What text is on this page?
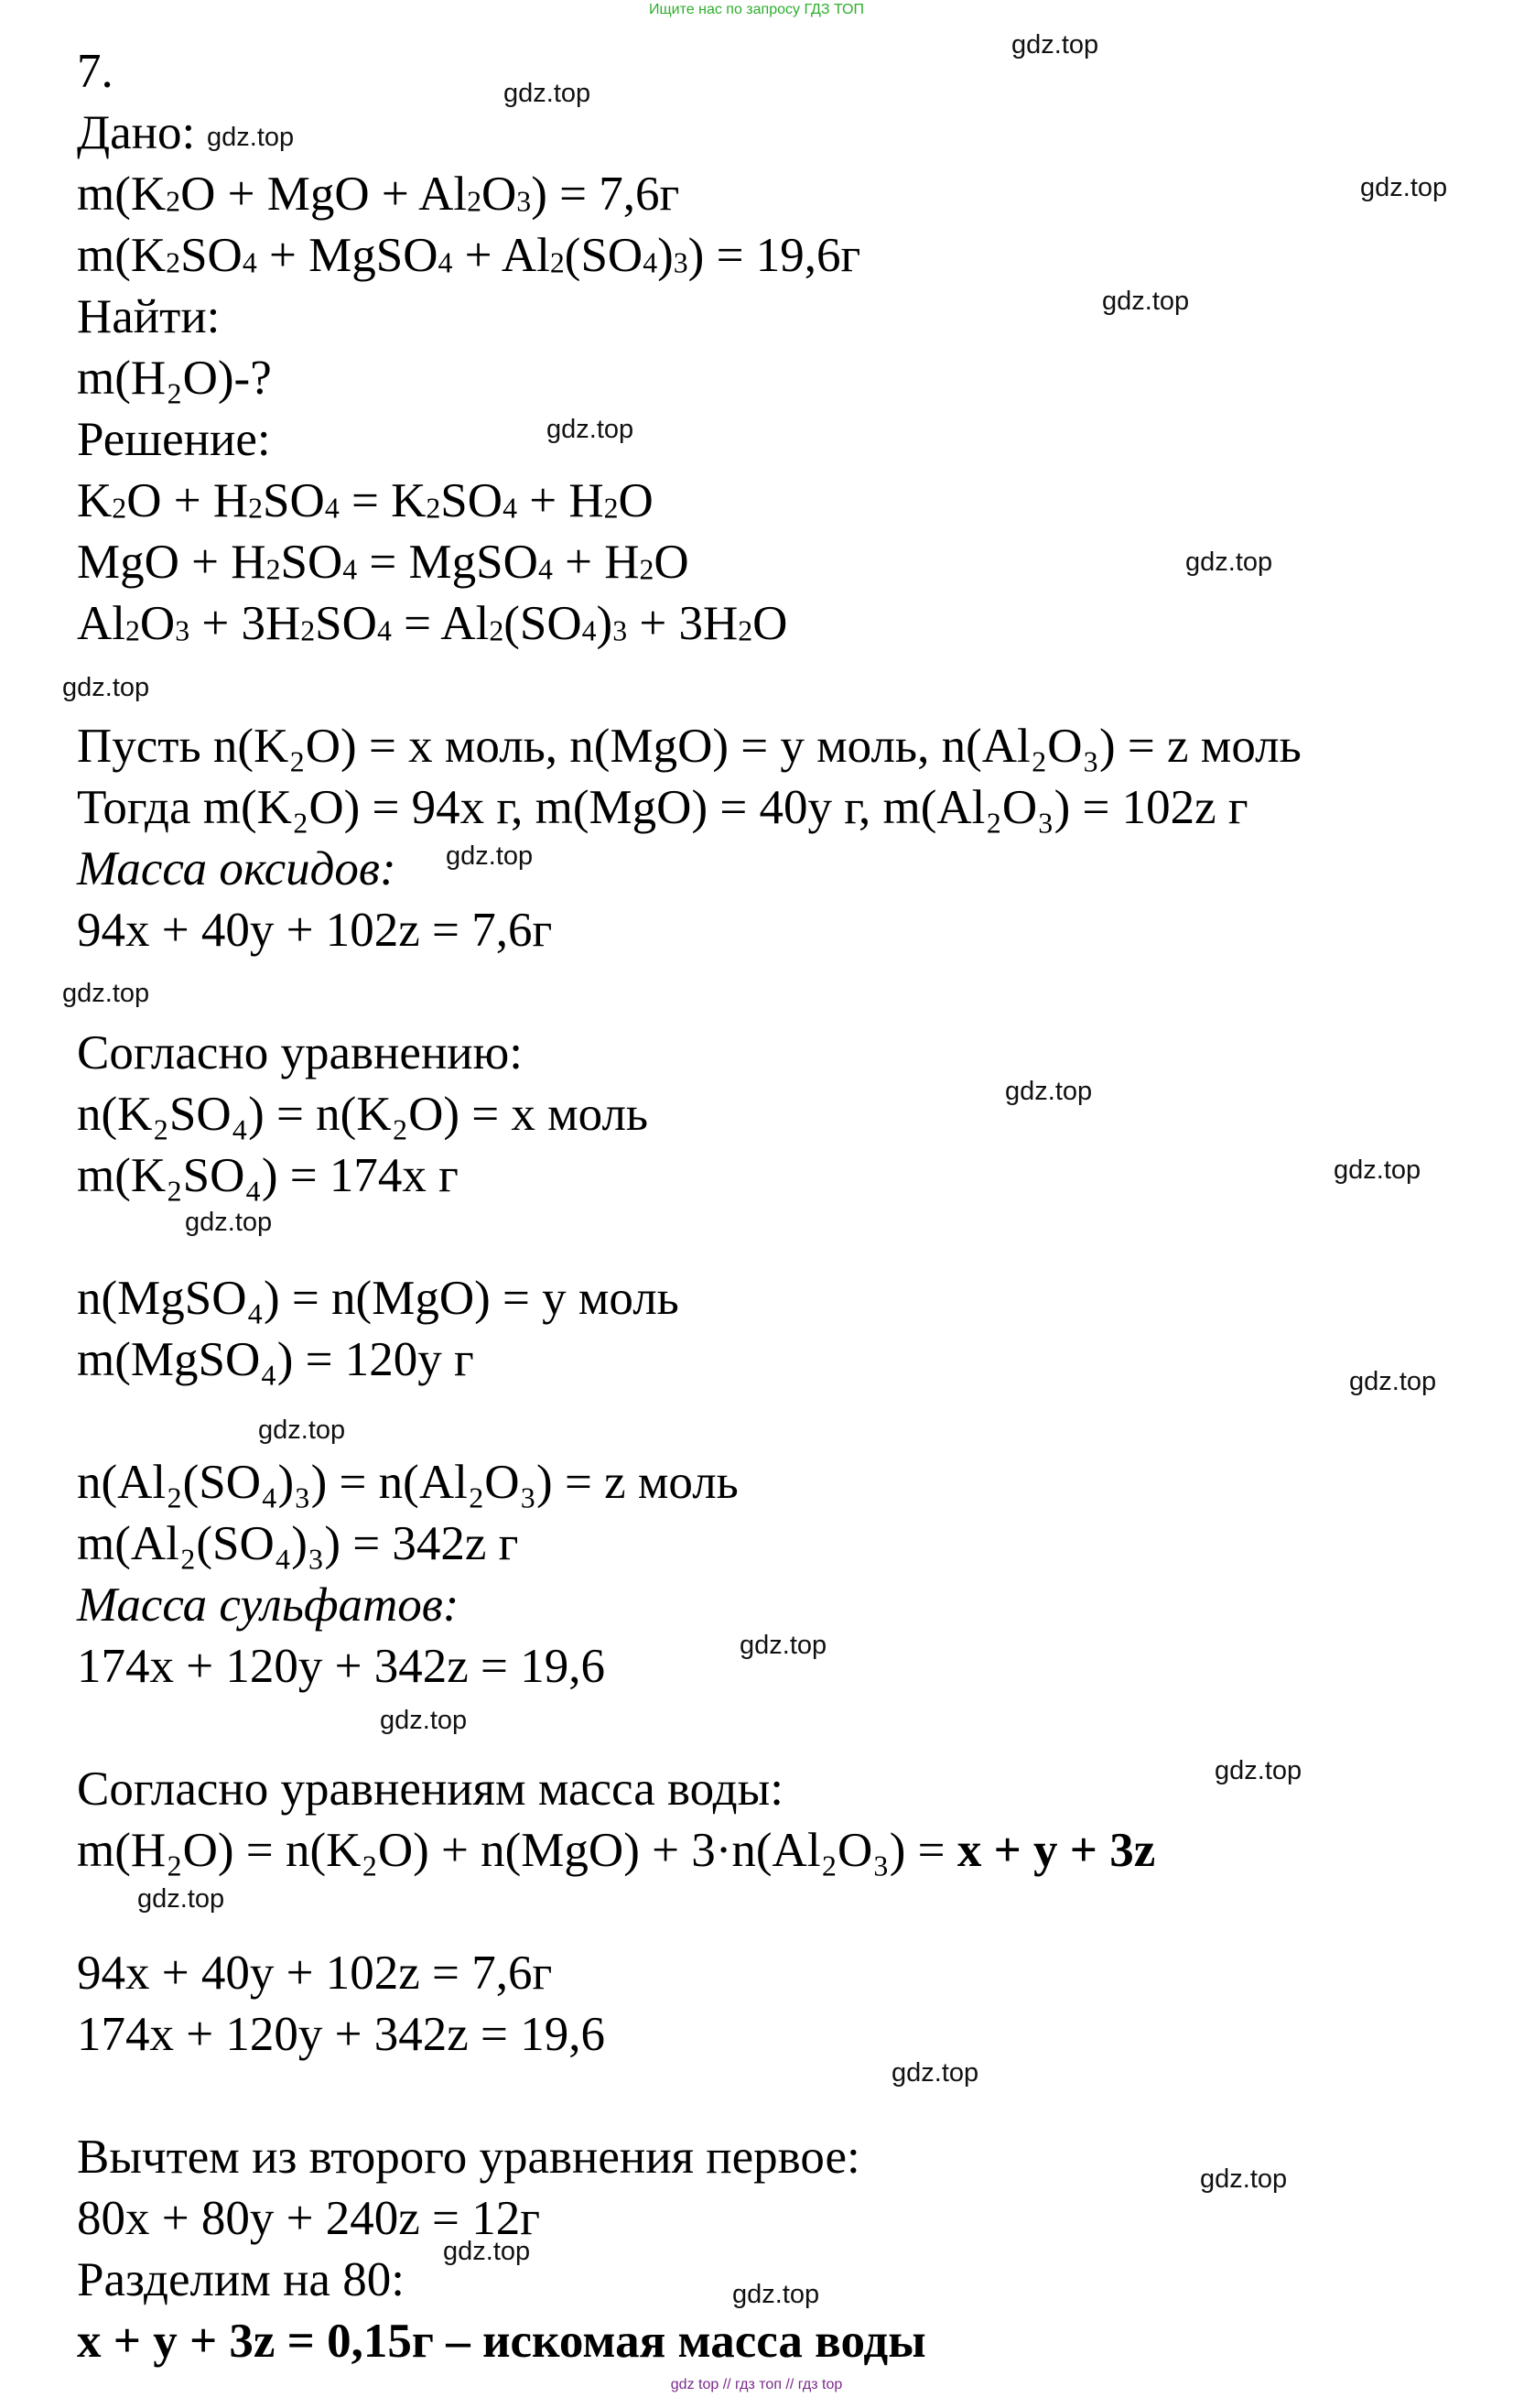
Ищите нас по запросу ГДЗ ТОП
7.
Дано:
$m(K_2O$ + MgO + $Al_2O_3) = 7,6г$
$m(K_2SO_4$ + MgSO$_4$ + $Al_2(SO_4)_3) = 19,6г$
Найти:
m(H₂O)-?
Решение:
$K_2O + H_2SO_4 = K_2SO_4 + H_2O$
MgO + $H_2SO_4$ = MgSO$_4$ + $H_2O$
$Al_2O_3 + 3H_2SO_4 = Al_2(SO_4)_3 + 3H_2O$
Пусть n(K₂O) = x моль, n(MgO) = y моль, n(Al₂O₃) = z моль
Тогда m(K₂O) = 94x г, m(MgO) = 40y г, m(Al₂O₃) = 102z г
Масса оксидов:
94x + 40y + 102z = 7,6г
Согласно уравнению:
n(K₂SO₄) = n(K₂O) = x моль
m(K₂SO₄) = 174x г
n(MgSO₄) = n(MgO) = y моль
m(MgSO₄) = 120y г
n(Al₂(SO₄)₃) = n(Al₂O₃) = z моль
m(Al₂(SO₄)₃) = 342z г
Масса сульфатов:
174x + 120y + 342z = 19,6
Согласно уравнениям масса воды:
m(H₂O) = n(K₂O) + n(MgO) + 3·n(Al₂O₃) = x + y + 3z
94x + 40y + 102z = 7,6г
174x + 120y + 342z = 19,6
Вычтем из второго уравнения первое:
80x + 80y + 240z = 12г
Разделим на 80:
x + y + 3z = 0,15г – искомая масса воды
gdz.top
gdz.top
gdz.top
gdz.top
gdz.top
gdz.top
gdz.top
gdz.top
gdz.top
gdz.top
gdz.top
gdz.top
gdz.top
gdz.top
gdz.top
gdz.top
gdz.top
gdz.top
gdz.top
gdz.top
gdz.top
gdz.top
gdz.top
gdz top // гдз топ // гдз top
